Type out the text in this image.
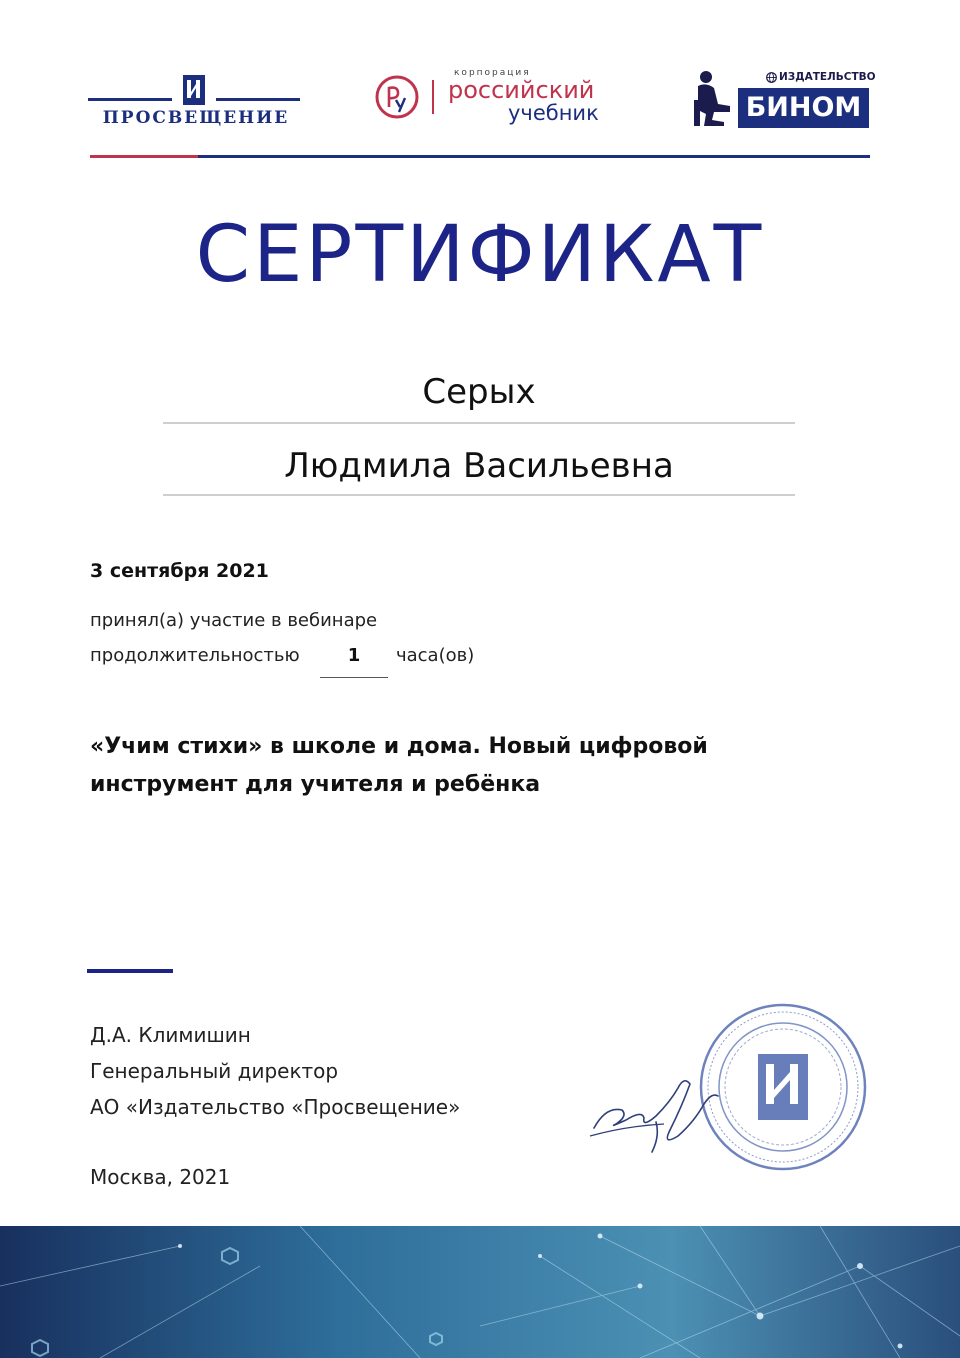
ПРОСВЕЩЕНИЕ
корпорация
российский
учебник
ИЗДАТЕЛЬСТВО
БИНОМ
СЕРТИФИКАТ
Серых
Людмила Васильевна
3 сентября 2021
принял(а) участие в вебинаре
продолжительностью	1	часа(ов)
«Учим стихи» в школе и дома. Новый цифровой инструмент для учителя и ребёнка
Д.А. Климишин
Генеральный директор
АО «Издательство «Просвещение»
Москва, 2021
